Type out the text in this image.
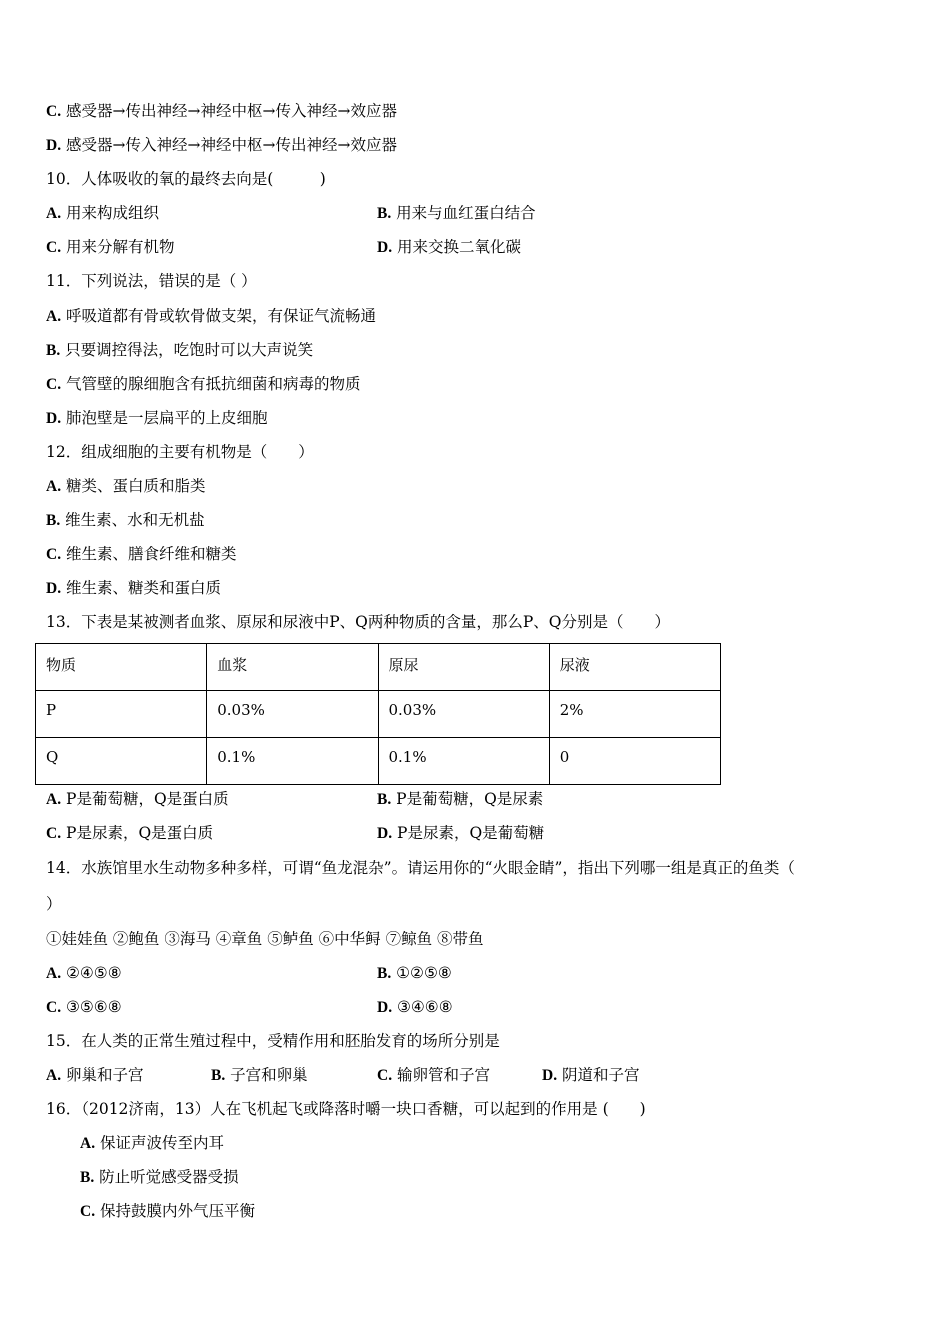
C. 感受器→传出神经→神经中枢→传入神经→效应器
D. 感受器→传入神经→神经中枢→传出神经→效应器
10．人体吸收的氧的最终去向是(　　　)
A. 用来构成组织	B. 用来与血红蛋白结合
C. 用来分解有机物	D. 用来交换二氧化碳
11．下列说法，错误的是（ ）
A. 呼吸道都有骨或软骨做支架，有保证气流畅通
B. 只要调控得法，吃饱时可以大声说笑
C. 气管壁的腺细胞含有抵抗细菌和病毒的物质
D. 肺泡壁是一层扁平的上皮细胞
12．组成细胞的主要有机物是（　　）
A. 糖类、蛋白质和脂类
B. 维生素、水和无机盐
C. 维生素、膳食纤维和糖类
D. 维生素、糖类和蛋白质
13．下表是某被测者血浆、原尿和尿液中P、Q两种物质的含量，那么P、Q分别是（　　）
物质	血浆	原尿	尿液
P	0.03%	0.03%	2%
Q	0.1%	0.1%	0
A. P是葡萄糖，Q是蛋白质	B. P是葡萄糖，Q是尿素
C. P是尿素，Q是蛋白质	D. P是尿素，Q是葡萄糖
14．水族馆里水生动物多种多样，可谓“鱼龙混杂”。请运用你的“火眼金睛”，指出下列哪一组是真正的鱼类（
）
①娃娃鱼 ②鲍鱼 ③海马 ④章鱼 ⑤鲈鱼 ⑥中华鲟 ⑦鲸鱼 ⑧带鱼
A. ②④⑤⑧	B. ①②⑤⑧
C. ③⑤⑥⑧	D. ③④⑥⑧
15．在人类的正常生殖过程中，受精作用和胚胎发育的场所分别是
A. 卵巢和子宫	B. 子宫和卵巢	C. 输卵管和子宫	D. 阴道和子宫
16．（2012济南，13）人在飞机起飞或降落时嚼一块口香糖，可以起到的作用是 (　　)
A. 保证声波传至内耳
B. 防止听觉感受器受损
C. 保持鼓膜内外气压平衡
